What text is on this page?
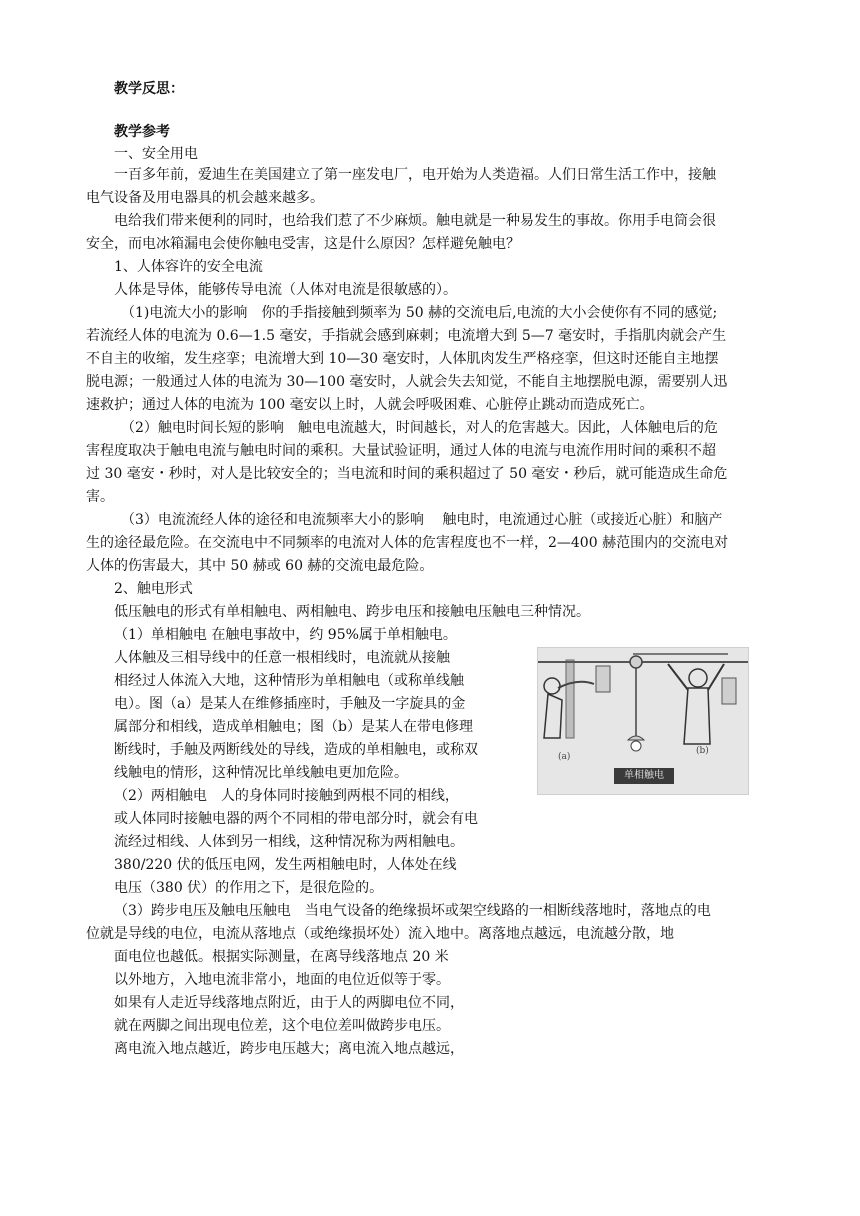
教学反思：
教学参考
一、安全用电
一百多年前，爱迪生在美国建立了第一座发电厂，电开始为人类造福。人们日常生活工作中，接触
电气设备及用电器具的机会越来越多。
电给我们带来便利的同时，也给我们惹了不少麻烦。触电就是一种易发生的事故。你用手电筒会很
安全，而电冰箱漏电会使你触电受害，这是什么原因？怎样避免触电？
1、人体容许的安全电流
人体是导体，能够传导电流（人体对电流是很敏感的）。
（1)电流大小的影响　你的手指接触到频率为 50 赫的交流电后,电流的大小会使你有不同的感觉;
若流经人体的电流为 0.6—1.5 毫安，手指就会感到麻刺；电流增大到 5—7 毫安时，手指肌肉就会产生
不自主的收缩，发生痉挛；电流增大到 10—30 毫安时，人体肌肉发生严格痉挛，但这时还能自主地摆
脱电源；一般通过人体的电流为 30—100 毫安时，人就会失去知觉，不能自主地摆脱电源，需要别人迅
速救护；通过人体的电流为 100 毫安以上时，人就会呼吸困难、心脏停止跳动而造成死亡。
（2）触电时间长短的影响　触电电流越大，时间越长，对人的危害越大。因此，人体触电后的危
害程度取决于触电电流与触电时间的乘积。大量试验证明，通过人体的电流与电流作用时间的乘积不超
过 30 毫安・秒时，对人是比较安全的；当电流和时间的乘积超过了 50 毫安・秒后，就可能造成生命危
害。
（3）电流流经人体的途径和电流频率大小的影响　 触电时，电流通过心脏（或接近心脏）和脑产
生的途径最危险。在交流电中不同频率的电流对人体的危害程度也不一样，2—400 赫范围内的交流电对
人体的伤害最大，其中 50 赫或 60 赫的交流电最危险。
2、触电形式
低压触电的形式有单相触电、两相触电、跨步电压和接触电压触电三种情况。
（1）单相触电 在触电事故中，约 95%属于单相触电。
人体触及三相导线中的任意一根相线时，电流就从接触
相经过人体流入大地，这种情形为单相触电（或称单线触
电）。图（a）是某人在维修插座时，手触及一字旋具的金
属部分和相线，造成单相触电；图（b）是某人在带电修理
断线时，手触及两断线处的导线，造成的单相触电，或称双
线触电的情形，这种情况比单线触电更加危险。
（2）两相触电　人的身体同时接触到两根不同的相线，
或人体同时接触电器的两个不同相的带电部分时，就会有电
流经过相线、人体到另一相线，这种情况称为两相触电。
380/220 伏的低压电网，发生两相触电时，人体处在线
电压（380 伏）的作用之下，是很危险的。
（3）跨步电压及触电压触电　当电气设备的绝缘损坏或架空线路的一相断线落地时，落地点的电
位就是导线的电位，电流从落地点（或绝缘损坏处）流入地中。离落地点越远，电流越分散，地
面电位也越低。根据实际测量，在离导线落地点 20 米
以外地方，入地电流非常小，地面的电位近似等于零。
如果有人走近导线落地点附近，由于人的两脚电位不同，
就在两脚之间出现电位差，这个电位差叫做跨步电压。
离电流入地点越近，跨步电压越大；离电流入地点越远，
(a)
(b)
单相触电
